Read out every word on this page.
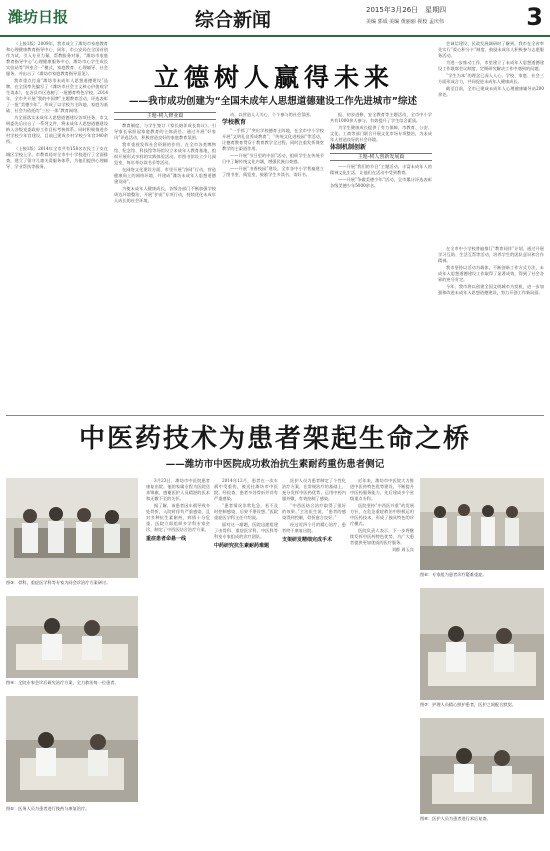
潍坊日报	综合新闻	2015年3月26日　星期四
美编 郭成 美编 黄丽丽 视校 孟庆伟	3

（上接1版）2009年，我市成立了潍坊市家庭教育和心理健康教育指导中心，同年，市公安局在全国首创作为试，引入专业力量，帮教服务对象，“潍坊市家庭教育指导中心”心理健康服务中心，潍坊市心学生成长实验站等“四室合一”模式，家庭教育、心理辅导、社会服务，并出台了《潍坊市家庭教育指导意见》。

我市重点打造“潍坊市未成年人思想道德建设”品牌，在全国率先编写了《潍坊市社会主义核心价值观学生读本》，在各县市区选树了一批德育特色学校。2014年，全市共开展“我的中国梦”主题教育活动，评选表彰了一批“美德少年”，形成了以学校为主阵地、家庭为基础、社会为依托的“三位一体”教育网络。

为全面落实未成年人思想道德建设各项任务，市文明委先后出台了一系列文件，将未成年人思想道德建设纳入各级党委政府工作目标考核体系。同时积极推进乡村学校少年宫建设，目前已建成乡村学校少年宫140余所。

（上接1版）2014年全市共有158名农民工子女在城区学校上学。市教育局对全市中小学校进行了全面排查，建立了留守儿童关爱服务体系，为他们提供心理辅导、学业帮扶等服务。

立德树人赢得未来
——我市成功创建为“全国未成年人思想道德建设工作先进城市”综述
主题-树人修业篇

教育制度，与学生签订《家长陪伴成长协议》，引导家长承担起家庭教育的主体责任。通过开展“好家风”评选活动，积极营造良好的家庭教育氛围。

我市重视发挥社会资源的作用，在全市各类博物馆、纪念馆、科技馆等场馆设立未成年人教育基地，组织开展形式多样的实践体验活动。市图书馆设立少儿阅览室，每年举办读书节等活动。

在网络文化建设方面，市里开展“净网”行动，营造健康向上的网络环境，并建成“潍坊未成年人思想道德建设网”。

为使未成年人健康成长，各级各部门不断加强学校周边环境整治，开展“护苗”专项行动，持续优化未成年人成长的社会环境。

动，以营造人人关心、个个参与的社会氛围。

学校教育

“一手抓了”突出学校德育主阵地，在全市中小学校开展“文明礼仪养成教育”、“传统文化进校园”等活动，让德育教育贯穿于教育教学全过程。同时注重发挥课堂教学的主渠道作用。

——开展“节日里的中国”活动，组织学生在传统节日中了解传统文化内涵，增强民族自豪感。

——开展“书香校园”建设，全市各中小学普遍建立了图书室、阅览室，鼓励学生多读书、读好书。

报、初步进修、安全教育等主题活动，全市中小学共有1000余人参与，有效提升了学生综合素质。

为学生健康成长提供了有力保障，市教育、公安、文化、工商等部门联合开展文化市场专项整治，为未成年人营造良好的社会环境。

体制机制创新
主题-树人创新发展篇

——开展“我们的节日”主题活动，丰富未成年人的精神文化生活，让他们在活动中受到教育。

——开展“争做美德少年”活动，全市累计评选表彰各级美德少年5000余名。

会诚信建设、民政发展调研时了解到，我市在全省率先实行“爱心积分卡”制度，鼓励未成年人积极参与志愿服务活动。

为进一步推动工作，市里建立了未成年人思想道德建设工作联席会议制度，定期研究解决工作中遇到的问题。

“学生为本”的理念已深入人心，学校、家庭、社会三方面形成合力，共同促进未成年人健康成长。

截至目前，全市已建成未成年人心理健康辅导站200余处。

在全市中小学校普遍推行“教育同伴”计划，通过开展学习互助、生活互帮等活动，培养学生的团队意识和合作精神。

我市坚持以活动为载体，不断创新工作方式方法，未成年人思想道德建设工作取得了显著成效，得到了社会各界的充分肯定。

今年，我市将以创建全国文明城市为契机，进一步加强和改进未成年人思想道德建设，努力开创工作新局面。

中医药技术为患者架起生命之桥
——潍坊市中医院成功救治抗生素耐药重伤患者侧记
图③：骨科、重症医学科等专家为同会诊治疗方案研讨。
图④：全院专家会诊后研究治疗方案，全力救治每一位患者。
图⑤：医务人员为患者进行换药与康复治疗。

3月23日，潍坊市中医院患者康复出院。他的家属专程为医院送来锦旗，感谢医护人员精湛的医术和无微不至的关怀。

据了解，该患者因车祸导致多处骨折，入院时伴有严重感染，且对多种抗生素耐药，病情十分危重。医院立即组织多学科专家会诊，制定了中西医结合治疗方案。

重症患者命悬一线

2014年12月，患者在一次车祸中受重伤，被送往潍坊市中医院。经检查，患者多处骨折并伴有严重感染。

“患者情况非常危急，若不及时控制感染，后果不堪设想。”医院重症医学科主任介绍说。

面对这一难题，医院迅速组建了由骨科、重症医学科、中医科等科室专家组成的诊疗团队。

中药研究抗生素耐药难题

医护人员为患者制定了个性化治疗方案，在常规治疗的基础上，充分发挥中医药优势，运用中药内服外敷，有效控制了感染。

“中西医结合治疗取得了很好的效果。”主治医生说，“患者的感染得到控制，骨折愈合良好。”

经过近四个月的精心治疗，患者终于康复出院。

支架研发精细完成手术

近年来，潍坊市中医院大力推进中医药特色优势建设，不断提升中医药服务能力，先后建成多个省级重点专科。

医院坚持“中西医并重”的发展方针，在危急重症救治中积极运用中医药技术，形成了独具特色的诊疗模式。

医院负责人表示，下一步将继续发挥中医药特色优势，为广大患者提供更加优质的医疗服务。

刘群 周玉宾
图⑥：专家组为患者诊疗疑难重症。
图⑦：护理人员精心照护患者，医护之间配合默契。
图⑧：医护人员为患者进行术后复查。
